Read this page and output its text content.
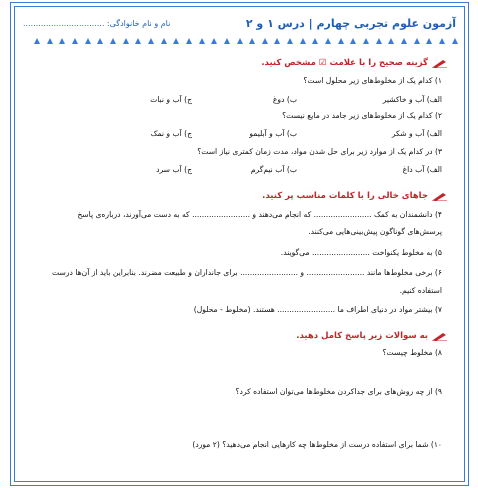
آزمون علوم تجربی چهارم | درس ۱ و ۲
نام و نام خانوادگی: ................................
گزینه صحیح را با علامت ☑ مشخص کنید.
۱) کدام یک از مخلوط‌های زیر محلول است؟
الف) آب و خاکشیر
ب) دوغ
ج) آب و نبات
۲) کدام یک از مخلوط‌های زیر جامد در مایع نیست؟
الف) آب و شکر
ب) آب و آبلیمو
ج) آب و نمک
۳) در کدام یک از موارد زیر برای حل شدن مواد، مدت زمان کمتری نیاز است؟
الف) آب داغ
ب) آب نیم‌گرم
ج) آب سرد
جاهای خالی را با کلمات مناسب پر کنید.
۴) دانشمندان به کمک ........................ که انجام می‌دهند و ........................ که به دست می‌آورند، درباره‌ی پاسخ
پرسش‌های گوناگون پیش‌بینی‌هایی می‌کنند.
۵) به مخلوط یکنواخت ........................ می‌گویند.
۶) برخی مخلوط‌ها مانند ........................ و ........................ برای جانداران و طبیعت مضرند. بنابراین باید از آن‌ها درست
استفاده کنیم.
۷) بیشتر مواد در دنیای اطراف ما ........................ هستند. (مخلوط - محلول)
به سوالات زیر پاسخ کامل دهید.
۸) مخلوط چیست؟
۹) از چه روش‌های برای جداکردن مخلوط‌ها می‌توان استفاده کرد؟
۱۰) شما برای استفاده درست از مخلوط‌ها چه کارهایی انجام می‌دهید؟ (۲ مورد)
